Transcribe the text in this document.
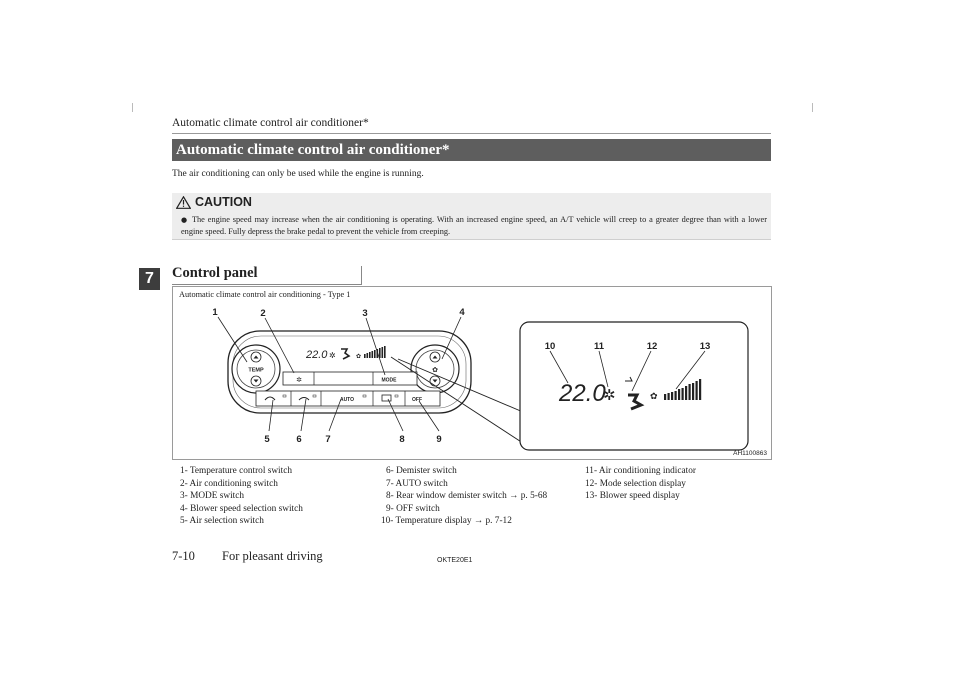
Automatic climate control air conditioner*
Automatic climate control air conditioner*
The air conditioning can only be used while the engine is running.
CAUTION
● The engine speed may increase when the air conditioning is operating. With an increased engine speed, an A/T vehicle will creep to a greater degree than with a lower engine speed. Fully depress the brake pedal to prevent the vehicle from creeping.
7	Control panel
Automatic climate control air conditioning - Type 1
AH1100863
TEMP	✿
22.0 ✲	✿
✲	MODE
AUTO	OFF	22.0
✲	✿
1	2	3	4
5	6 7	8	9
10	11	12	13
1- Temperature control switch
2- Air conditioning switch
3- MODE switch
4- Blower speed selection switch
5- Air selection switch
6- Demister switch
7- AUTO switch
8- Rear window demister switch → p. 5-68
9- OFF switch
10- Temperature display → p. 7-12
11- Air conditioning indicator
12- Mode selection display
13- Blower speed display
7-10 For pleasant driving	OKTE20E1
